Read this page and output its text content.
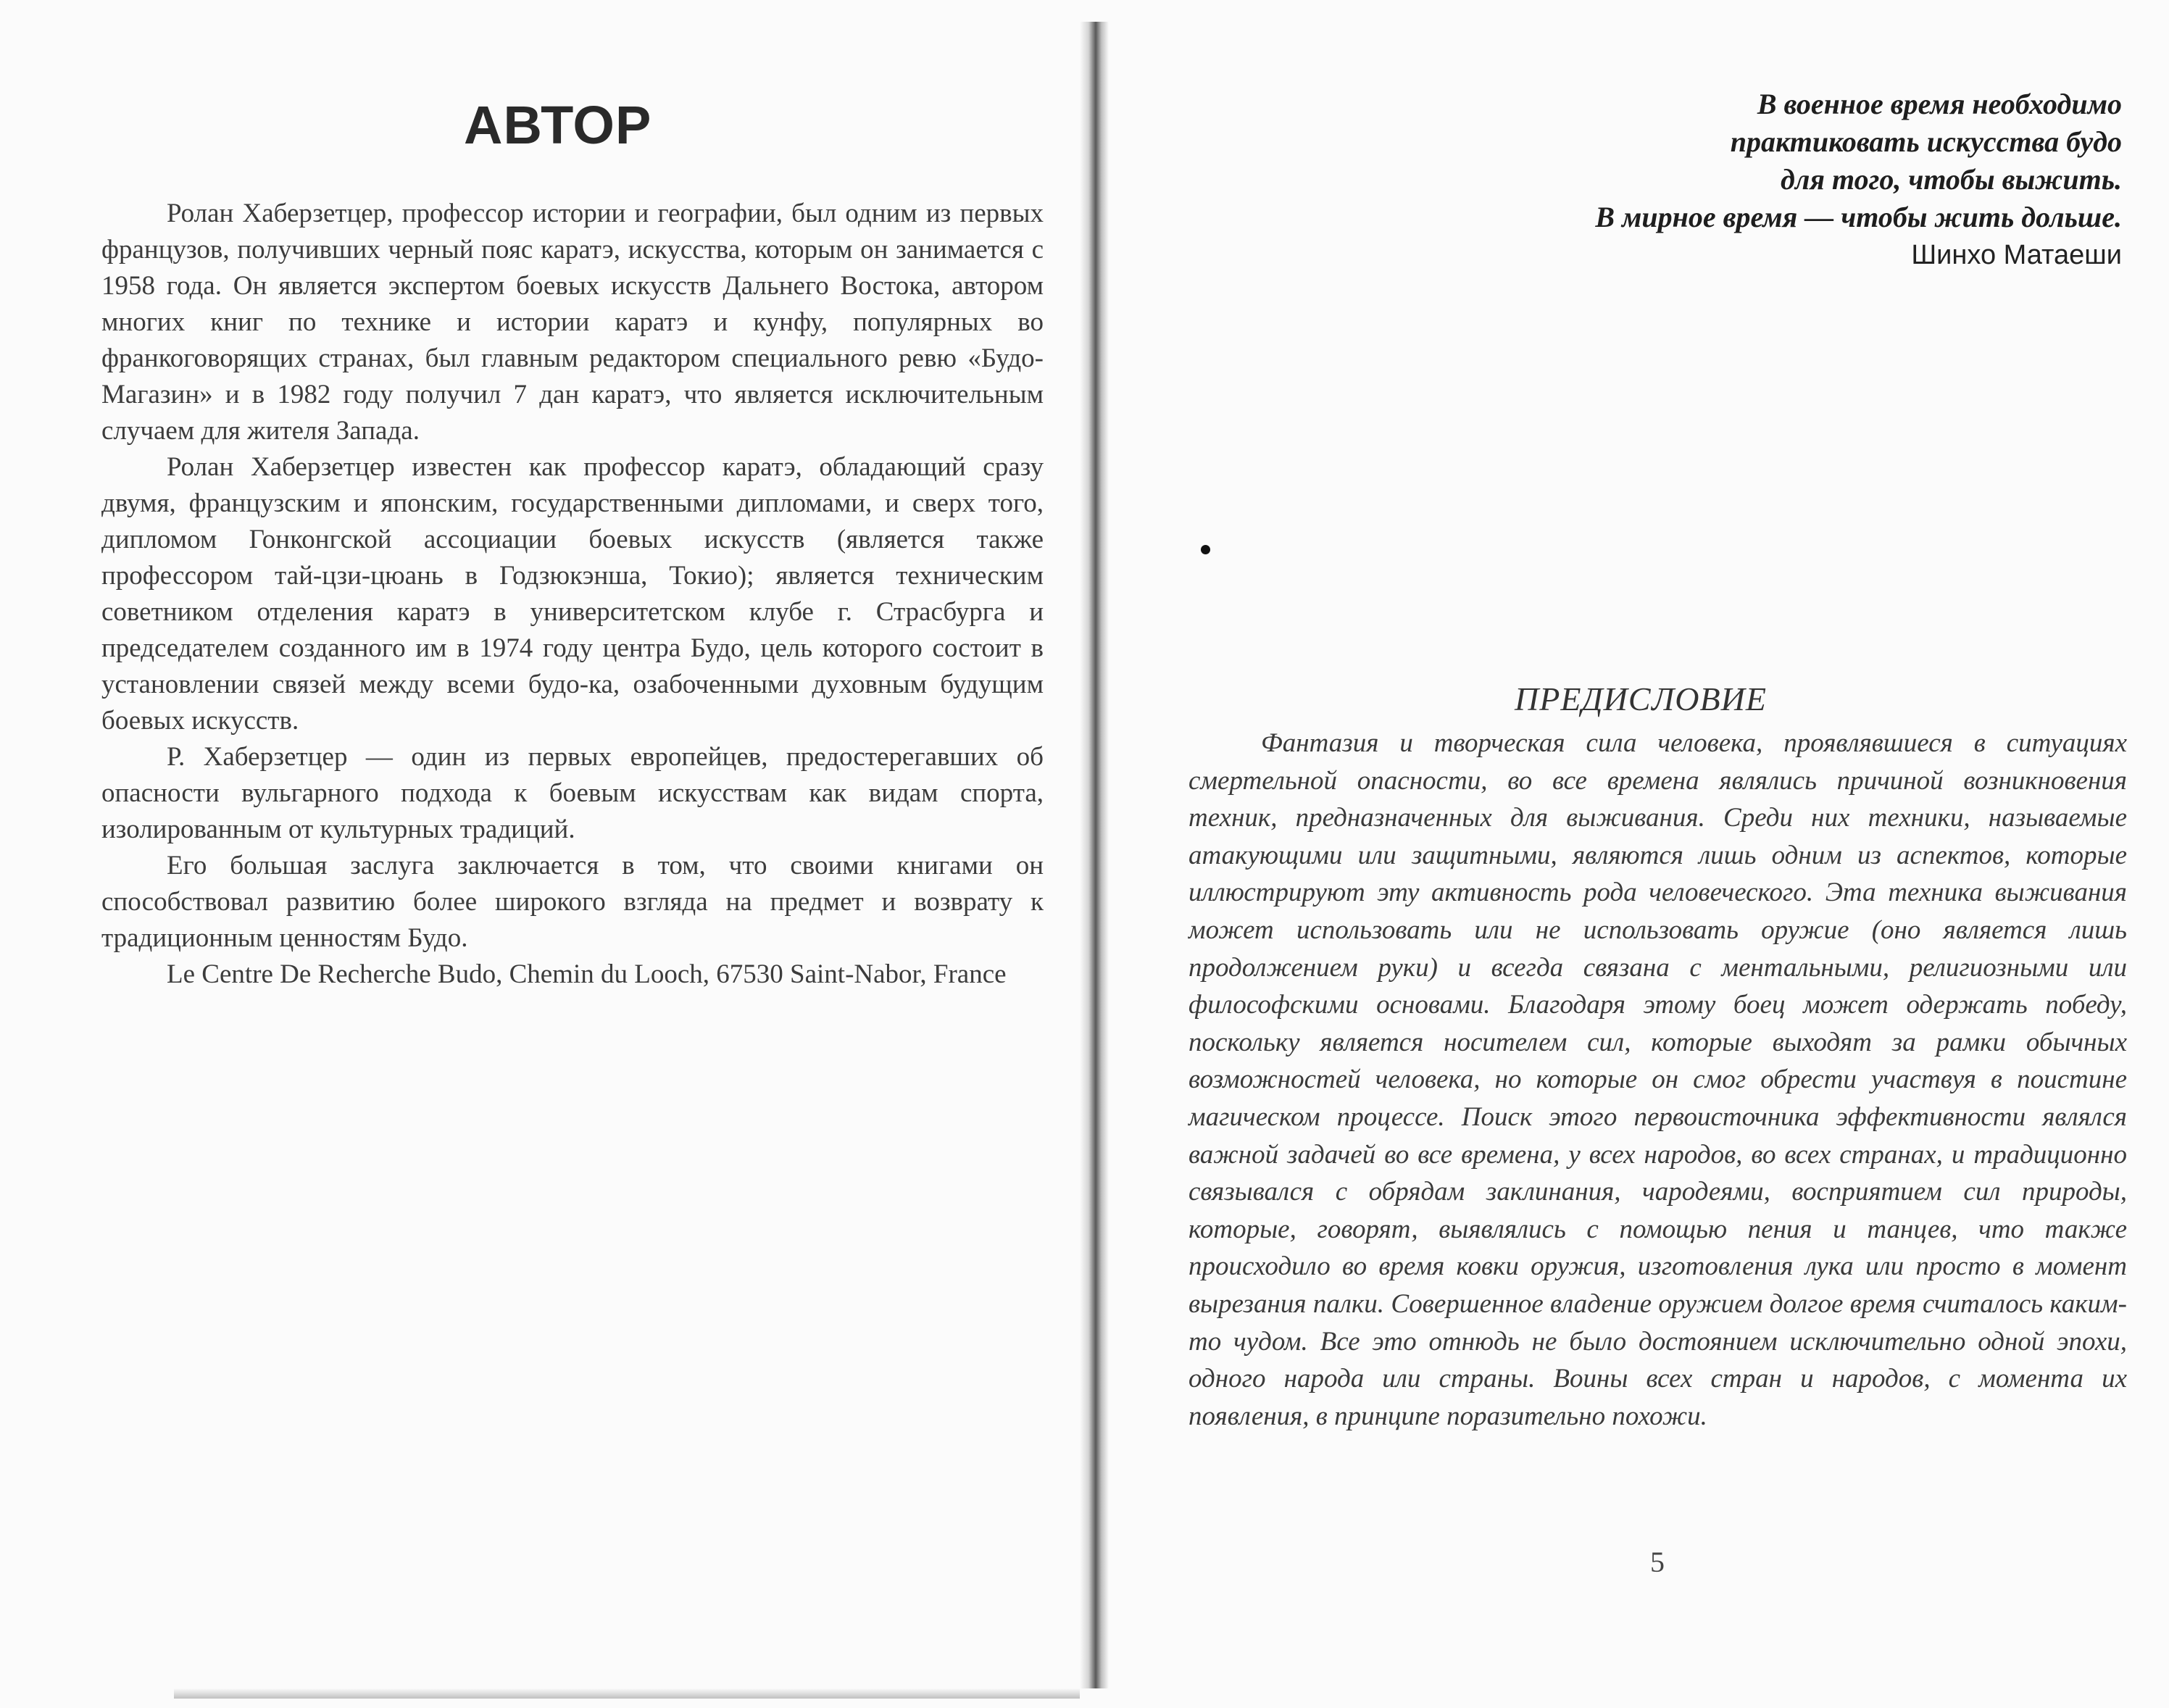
АВТОР

Ролан Хаберзетцер, профессор истории и географии, был одним из первых французов, получивших черный пояс каратэ, искусства, которым он занимается с 1958 года. Он является экспертом боевых искусств Дальнего Востока, автором многих книг по технике и истории каратэ и кунфу, популярных во франкоговорящих странах, был главным редактором специального ревю «Будо-Магазин» и в 1982 году получил 7 дан каратэ, что является исключительным случаем для жителя Запада.

Ролан Хаберзетцер известен как профессор каратэ, обладающий сразу двумя, французским и японским, государственными дипломами, и сверх того, дипломом Гонконгской ассоциации боевых искусств (является также профессором тай-цзи-цюань в Годзюкэнша, Токио); является техническим советником отделения каратэ в университетском клубе г. Страсбурга и председателем созданного им в 1974 году центра Будо, цель которого состоит в установлении связей между всеми будо-ка, озабоченными духовным будущим боевых искусств.

Р. Хаберзетцер — один из первых европейцев, предостерегавших об опасности вульгарного подхода к боевым искусствам как видам спорта, изолированным от культурных традиций.

Его большая заслуга заключается в том, что своими книгами он способствовал развитию более широкого взгляда на предмет и возврату к традиционным ценностям Будо.

Le Centre De Recherche Budo, Chemin du Looch, 67530 Saint-Nabor, France

В военное время необходимо
практиковать искусства будо
для того, чтобы выжить.
В мирное время — чтобы жить дольше.
Шинхо Матаеши
ПРЕДИСЛОВИЕ

Фантазия и творческая сила человека, проявлявшиеся в ситуациях смертельной опасности, во все времена являлись причиной возникновения техник, предназначенных для выживания. Среди них техники, называемые атакующими или защитными, являются лишь одним из аспектов, которые иллюстрируют эту активность рода человеческого. Эта техника выживания может использовать или не использовать оружие (оно является лишь продолжением руки) и всегда связана с ментальными, религиозными или философскими основами. Благодаря этому боец может одержать победу, поскольку является носителем сил, которые выходят за рамки обычных возможностей человека, но которые он смог обрести участвуя в поистине магическом процессе. Поиск этого первоисточника эффективности являлся важной задачей во все времена, у всех народов, во всех странах, и традиционно связывался с обрядам заклинания, чародеями, восприятием сил природы, которые, говорят, выявлялись с помощью пения и танцев, что также происходило во время ковки оружия, изготовления лука или просто в момент вырезания палки. Совершенное владение оружием долгое время считалось каким-то чудом. Все это отнюдь не было достоянием исключительно одной эпохи, одного народа или страны. Воины всех стран и народов, с момента их появления, в принципе поразительно похожи.

5
